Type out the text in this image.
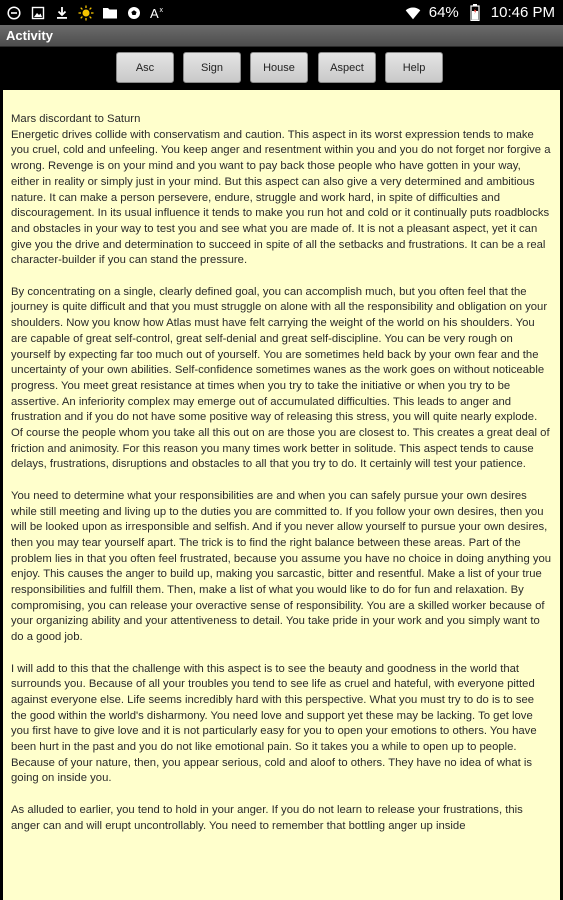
A x	64% 10:46 PM
Activity
Asc	Sign	House	Aspect	Help

Mars discordant to Saturn
Energetic drives collide with conservatism and caution. This aspect in its worst expression tends to make you cruel, cold and unfeeling. You keep anger and resentment within you and you do not forget nor forgive a wrong. Revenge is on your mind and you want to pay back those people who have gotten in your way, either in reality or simply just in your mind. But this aspect can also give a very determined and ambitious nature. It can make a person persevere, endure, struggle and work hard, in spite of difficulties and discouragement. In its usual influence it tends to make you run hot and cold or it continually puts roadblocks and obstacles in your way to test you and see what you are made of. It is not a pleasant aspect, yet it can give you the drive and determination to succeed in spite of all the setbacks and frustrations. It can be a real character-builder if you can stand the pressure.

By concentrating on a single, clearly defined goal, you can accomplish much, but you often feel that the journey is quite difficult and that you must struggle on alone with all the responsibility and obligation on your shoulders. Now you know how Atlas must have felt carrying the weight of the world on his shoulders. You are capable of great self-control, great self-denial and great self-discipline. You can be very rough on yourself by expecting far too much out of yourself. You are sometimes held back by your own fear and the uncertainty of your own abilities. Self-confidence sometimes wanes as the work goes on without noticeable progress. You meet great resistance at times when you try to take the initiative or when you try to be assertive. An inferiority complex may emerge out of accumulated difficulties. This leads to anger and frustration and if you do not have some positive way of releasing this stress, you will quite nearly explode. Of course the people whom you take all this out on are those you are closest to. This creates a great deal of friction and animosity. For this reason you many times work better in solitude. This aspect tends to cause delays, frustrations, disruptions and obstacles to all that you try to do. It certainly will test your patience.

You need to determine what your responsibilities are and when you can safely pursue your own desires while still meeting and living up to the duties you are committed to. If you follow your own desires, then you will be looked upon as irresponsible and selfish. And if you never allow yourself to pursue your own desires, then you may tear yourself apart. The trick is to find the right balance between these areas. Part of the problem lies in that you often feel frustrated, because you assume you have no choice in doing anything you enjoy. This causes the anger to build up, making you sarcastic, bitter and resentful. Make a list of your true responsibilities and fulfill them. Then, make a list of what you would like to do for fun and relaxation. By compromising, you can release your overactive sense of responsibility. You are a skilled worker because of your organizing ability and your attentiveness to detail. You take pride in your work and you simply want to do a good job.

I will add to this that the challenge with this aspect is to see the beauty and goodness in the world that surrounds you. Because of all your troubles you tend to see life as cruel and hateful, with everyone pitted against everyone else. Life seems incredibly hard with this perspective. What you must try to do is to see the good within the world's disharmony. You need love and support yet these may be lacking. To get love you first have to give love and it is not particularly easy for you to open your emotions to others. You have been hurt in the past and you do not like emotional pain. So it takes you a while to open up to people. Because of your nature, then, you appear serious, cold and aloof to others. They have no idea of what is going on inside you.

As alluded to earlier, you tend to hold in your anger. If you do not learn to release your frustrations, this anger can and will erupt uncontrollably. You need to remember that bottling anger up inside
